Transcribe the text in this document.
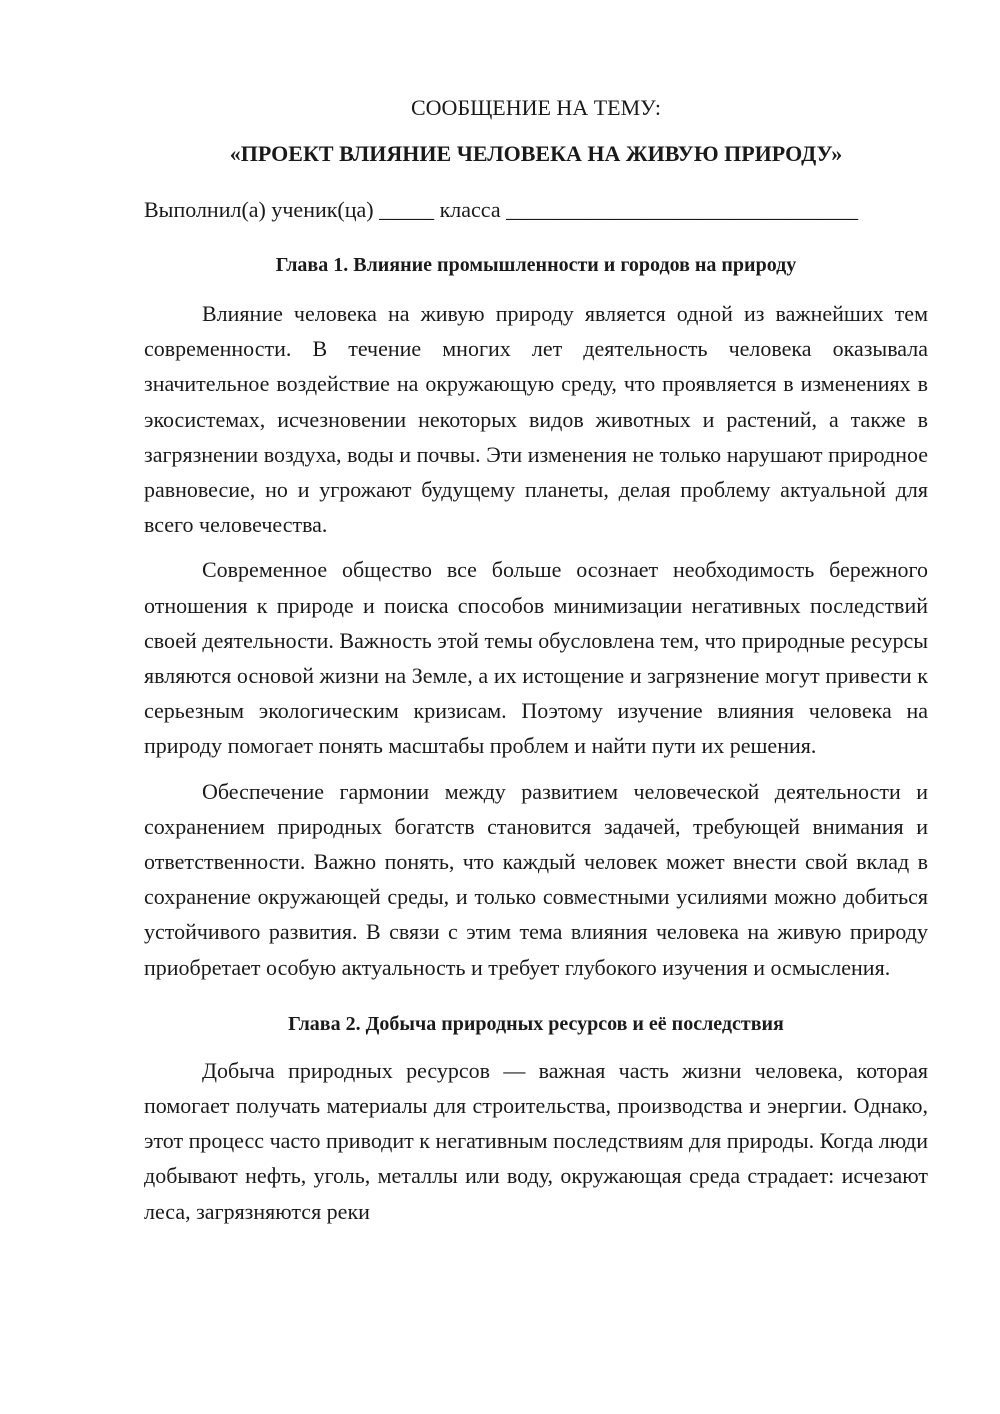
СООБЩЕНИЕ НА ТЕМУ:

«ПРОЕКТ ВЛИЯНИЕ ЧЕЛОВЕКА НА ЖИВУЮ ПРИРОДУ»

Выполнил(а) ученик(ца) _____ класса ________________________________

Глава 1. Влияние промышленности и городов на природу

Влияние человека на живую природу является одной из важнейших тем современности. В течение многих лет деятельность человека оказывала значительное воздействие на окружающую среду, что проявляется в изменениях в экосистемах, исчезновении некоторых видов животных и растений, а также в загрязнении воздуха, воды и почвы. Эти изменения не только нарушают природное равновесие, но и угрожают будущему планеты, делая проблему актуальной для всего человечества.

Современное общество все больше осознает необходимость бережного отношения к природе и поиска способов минимизации негативных последствий своей деятельности. Важность этой темы обусловлена тем, что природные ресурсы являются основой жизни на Земле, а их истощение и загрязнение могут привести к серьезным экологическим кризисам. Поэтому изучение влияния человека на природу помогает понять масштабы проблем и найти пути их решения.

Обеспечение гармонии между развитием человеческой деятельности и сохранением природных богатств становится задачей, требующей внимания и ответственности. Важно понять, что каждый человек может внести свой вклад в сохранение окружающей среды, и только совместными усилиями можно добиться устойчивого развития. В связи с этим тема влияния человека на живую природу приобретает особую актуальность и требует глубокого изучения и осмысления.

Глава 2. Добыча природных ресурсов и её последствия

Добыча природных ресурсов — важная часть жизни человека, которая помогает получать материалы для строительства, производства и энергии. Однако, этот процесс часто приводит к негативным последствиям для природы. Когда люди добывают нефть, уголь, металлы или воду, окружающая среда страдает: исчезают леса, загрязняются реки
